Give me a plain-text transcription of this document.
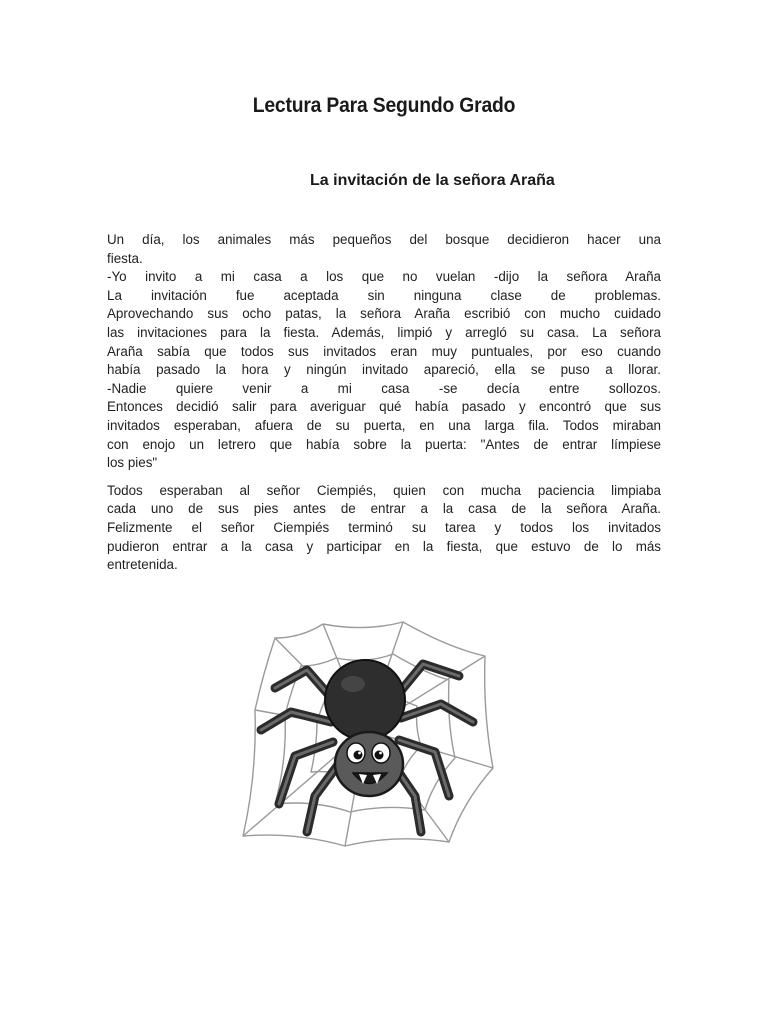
Lectura Para Segundo Grado
La invitación de la señora Araña

Un día, los animales más pequeños del bosque decidieron hacer una
fiesta.
-Yo invito a mi casa a los que no vuelan -dijo la señora Araña
La invitación fue aceptada sin ninguna clase de problemas.
Aprovechando sus ocho patas, la señora Araña escribió con mucho cuidado
las invitaciones para la fiesta. Además, limpió y arregló su casa. La señora
Araña sabía que todos sus invitados eran muy puntuales, por eso cuando
había pasado la hora y ningún invitado apareció, ella se puso a llorar.
-Nadie quiere venir a mi casa -se decía entre sollozos.
Entonces decidió salir para averiguar qué había pasado y encontró que sus
invitados esperaban, afuera de su puerta, en una larga fila. Todos miraban
con enojo un letrero que había sobre la puerta: "Antes de entrar límpiese
los pies"

Todos esperaban al señor Ciempiés, quien con mucha paciencia limpiaba
cada uno de sus pies antes de entrar a la casa de la señora Araña.
Felizmente el señor Ciempiés terminó su tarea y todos los invitados
pudieron entrar a la casa y participar en la fiesta, que estuvo de lo más
entretenida.
